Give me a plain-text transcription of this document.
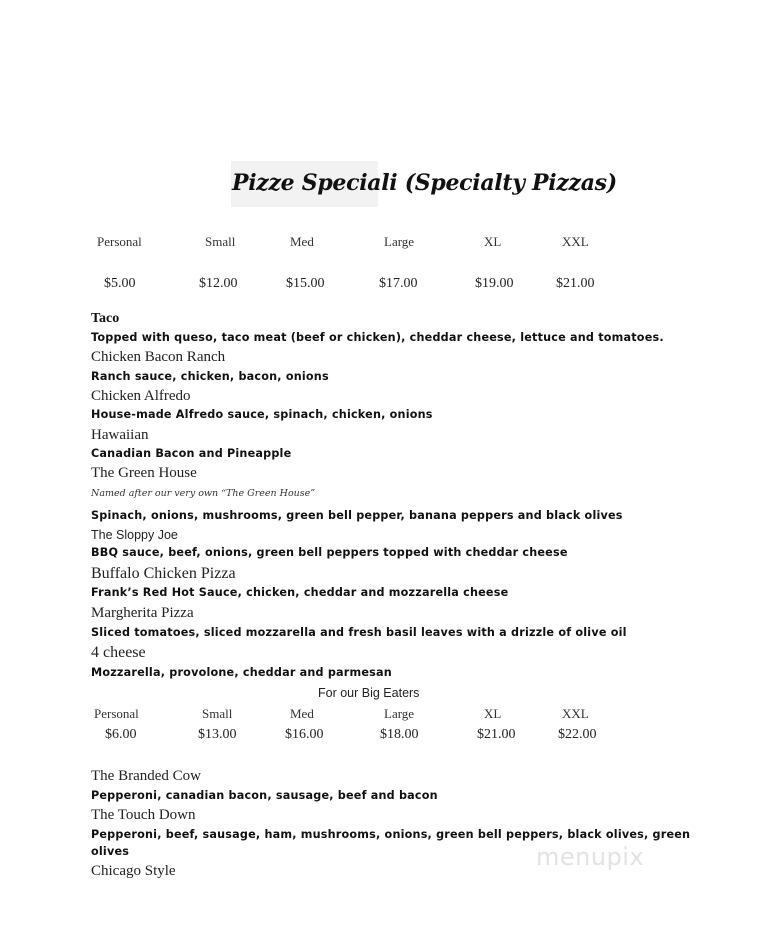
Pizze Speciali (Specialty Pizzas)
Personal	Small	Med	Large	XL	XXL
$5.00	$12.00	$15.00	$17.00	$19.00	$21.00
Taco
Topped with queso, taco meat (beef or chicken), cheddar cheese, lettuce and tomatoes.
Chicken Bacon Ranch
Ranch sauce, chicken, bacon, onions
Chicken Alfredo
House-made Alfredo sauce, spinach, chicken, onions
Hawaiian
Canadian Bacon and Pineapple
The Green House
Named after our very own “The Green House”
Spinach, onions, mushrooms, green bell pepper, banana peppers and black olives
The Sloppy Joe
BBQ sauce, beef, onions, green bell peppers topped with cheddar cheese
Buffalo Chicken Pizza
Frank’s Red Hot Sauce, chicken, cheddar and mozzarella cheese
Margherita Pizza
Sliced tomatoes, sliced mozzarella and fresh basil leaves with a drizzle of olive oil
4 cheese
Mozzarella, provolone, cheddar and parmesan
For our Big Eaters
Personal	Small	Med	Large	XL	XXL
$6.00	$13.00	$16.00	$18.00	$21.00	$22.00
The Branded Cow
Pepperoni, canadian bacon, sausage, beef and bacon
The Touch Down
Pepperoni, beef, sausage, ham, mushrooms, onions, green bell peppers, black olives, green
olives
Chicago Style	menupix
